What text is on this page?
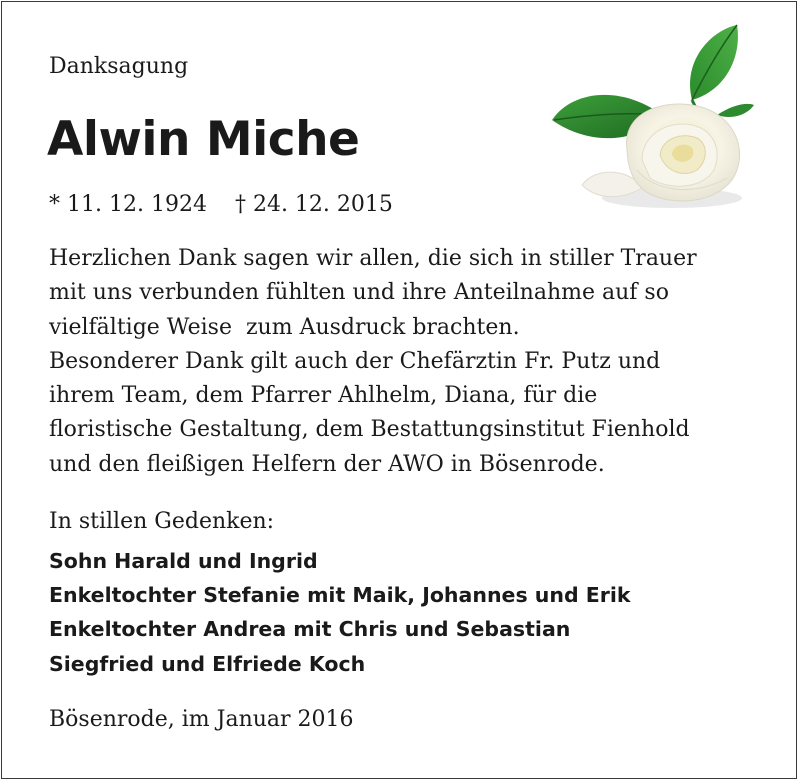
Danksagung
Alwin Miche
* 11. 12. 1924 † 24. 12. 2015
Herzlichen Dank sagen wir allen, die sich in stiller Trauer
mit uns verbunden fühlten und ihre Anteilnahme auf so
vielfältige Weise  zum Ausdruck brachten.
Besonderer Dank gilt auch der Chefärztin Fr. Putz und
ihrem Team, dem Pfarrer Ahlhelm, Diana, für die
floristische Gestaltung, dem Bestattungsinstitut Fienhold
und den fleißigen Helfern der AWO in Bösenrode.
In stillen Gedenken:
Sohn Harald und Ingrid
Enkeltochter Stefanie mit Maik, Johannes und Erik
Enkeltochter Andrea mit Chris und Sebastian
Siegfried und Elfriede Koch
Bösenrode, im Januar 2016
